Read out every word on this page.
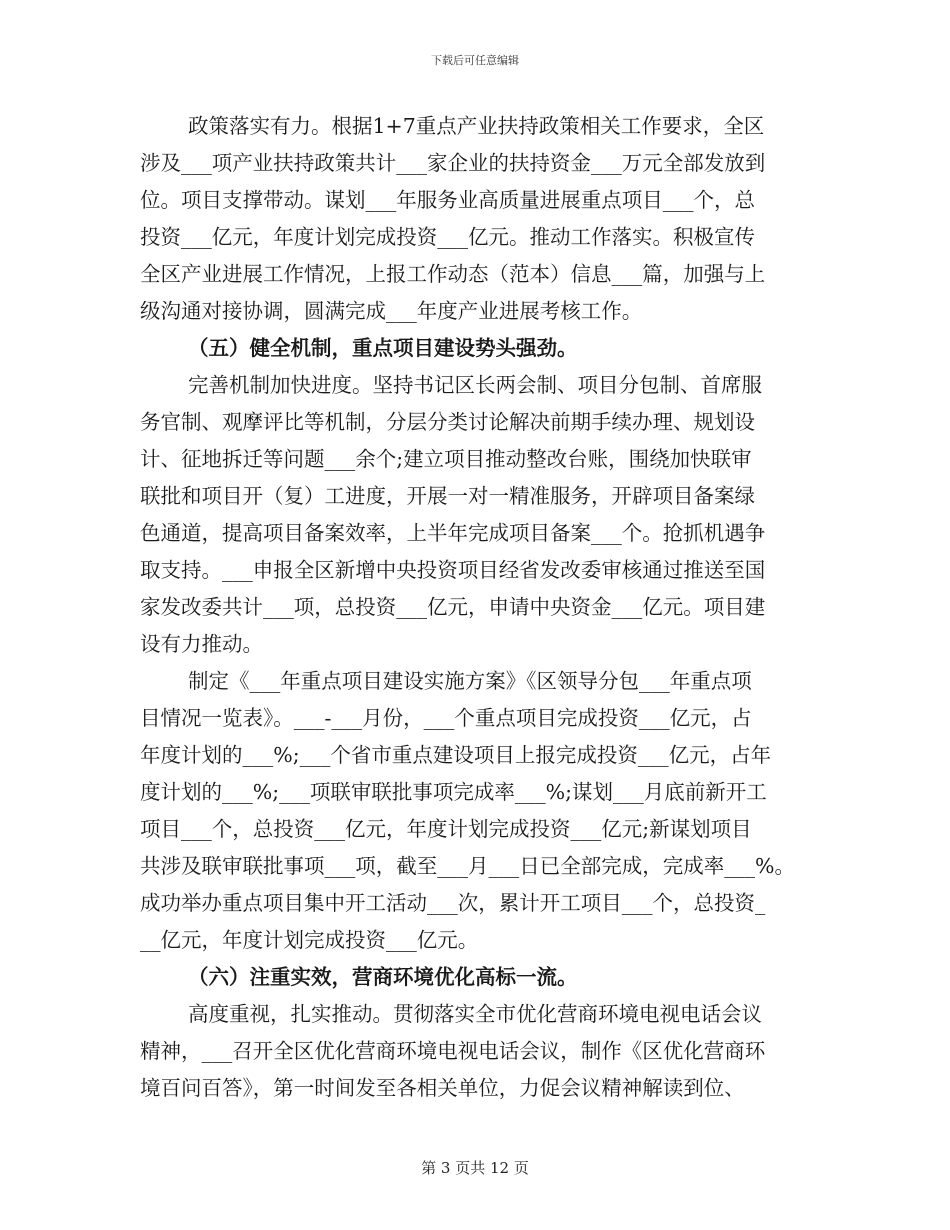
下载后可任意编辑
政策落实有力。根据1+7重点产业扶持政策相关工作要求，全区
涉及___项产业扶持政策共计___家企业的扶持资金___万元全部发放到
位。项目支撑带动。谋划___年服务业高质量进展重点项目___个，总
投资___亿元，年度计划完成投资___亿元。推动工作落实。积极宣传
全区产业进展工作情况，上报工作动态（范本）信息___篇，加强与上
级沟通对接协调，圆满完成___年度产业进展考核工作。
（五）健全机制，重点项目建设势头强劲。
完善机制加快进度。坚持书记区长两会制、项目分包制、首席服
务官制、观摩评比等机制，分层分类讨论解决前期手续办理、规划设
计、征地拆迁等问题___余个;建立项目推动整改台账，围绕加快联审
联批和项目开（复）工进度，开展一对一精准服务，开辟项目备案绿
色通道，提高项目备案效率，上半年完成项目备案___个。抢抓机遇争
取支持。___申报全区新增中央投资项目经省发改委审核通过推送至国
家发改委共计___项，总投资___亿元，申请中央资金___亿元。项目建
设有力推动。
制定《___年重点项目建设实施方案》《区领导分包___年重点项
目情况一览表》。___-___月份，___个重点项目完成投资___亿元，占
年度计划的___%;___个省市重点建设项目上报完成投资___亿元，占年
度计划的___%;___项联审联批事项完成率___%;谋划___月底前新开工
项目___个，总投资___亿元，年度计划完成投资___亿元;新谋划项目
共涉及联审联批事项___项，截至___月___日已全部完成，完成率___%。
成功举办重点项目集中开工活动___次，累计开工项目___个，总投资_
__亿元，年度计划完成投资___亿元。
（六）注重实效，营商环境优化高标一流。
高度重视，扎实推动。贯彻落实全市优化营商环境电视电话会议
精神，___召开全区优化营商环境电视电话会议，制作《区优化营商环
境百问百答》，第一时间发至各相关单位，力促会议精神解读到位、
第 3 页共 12 页
